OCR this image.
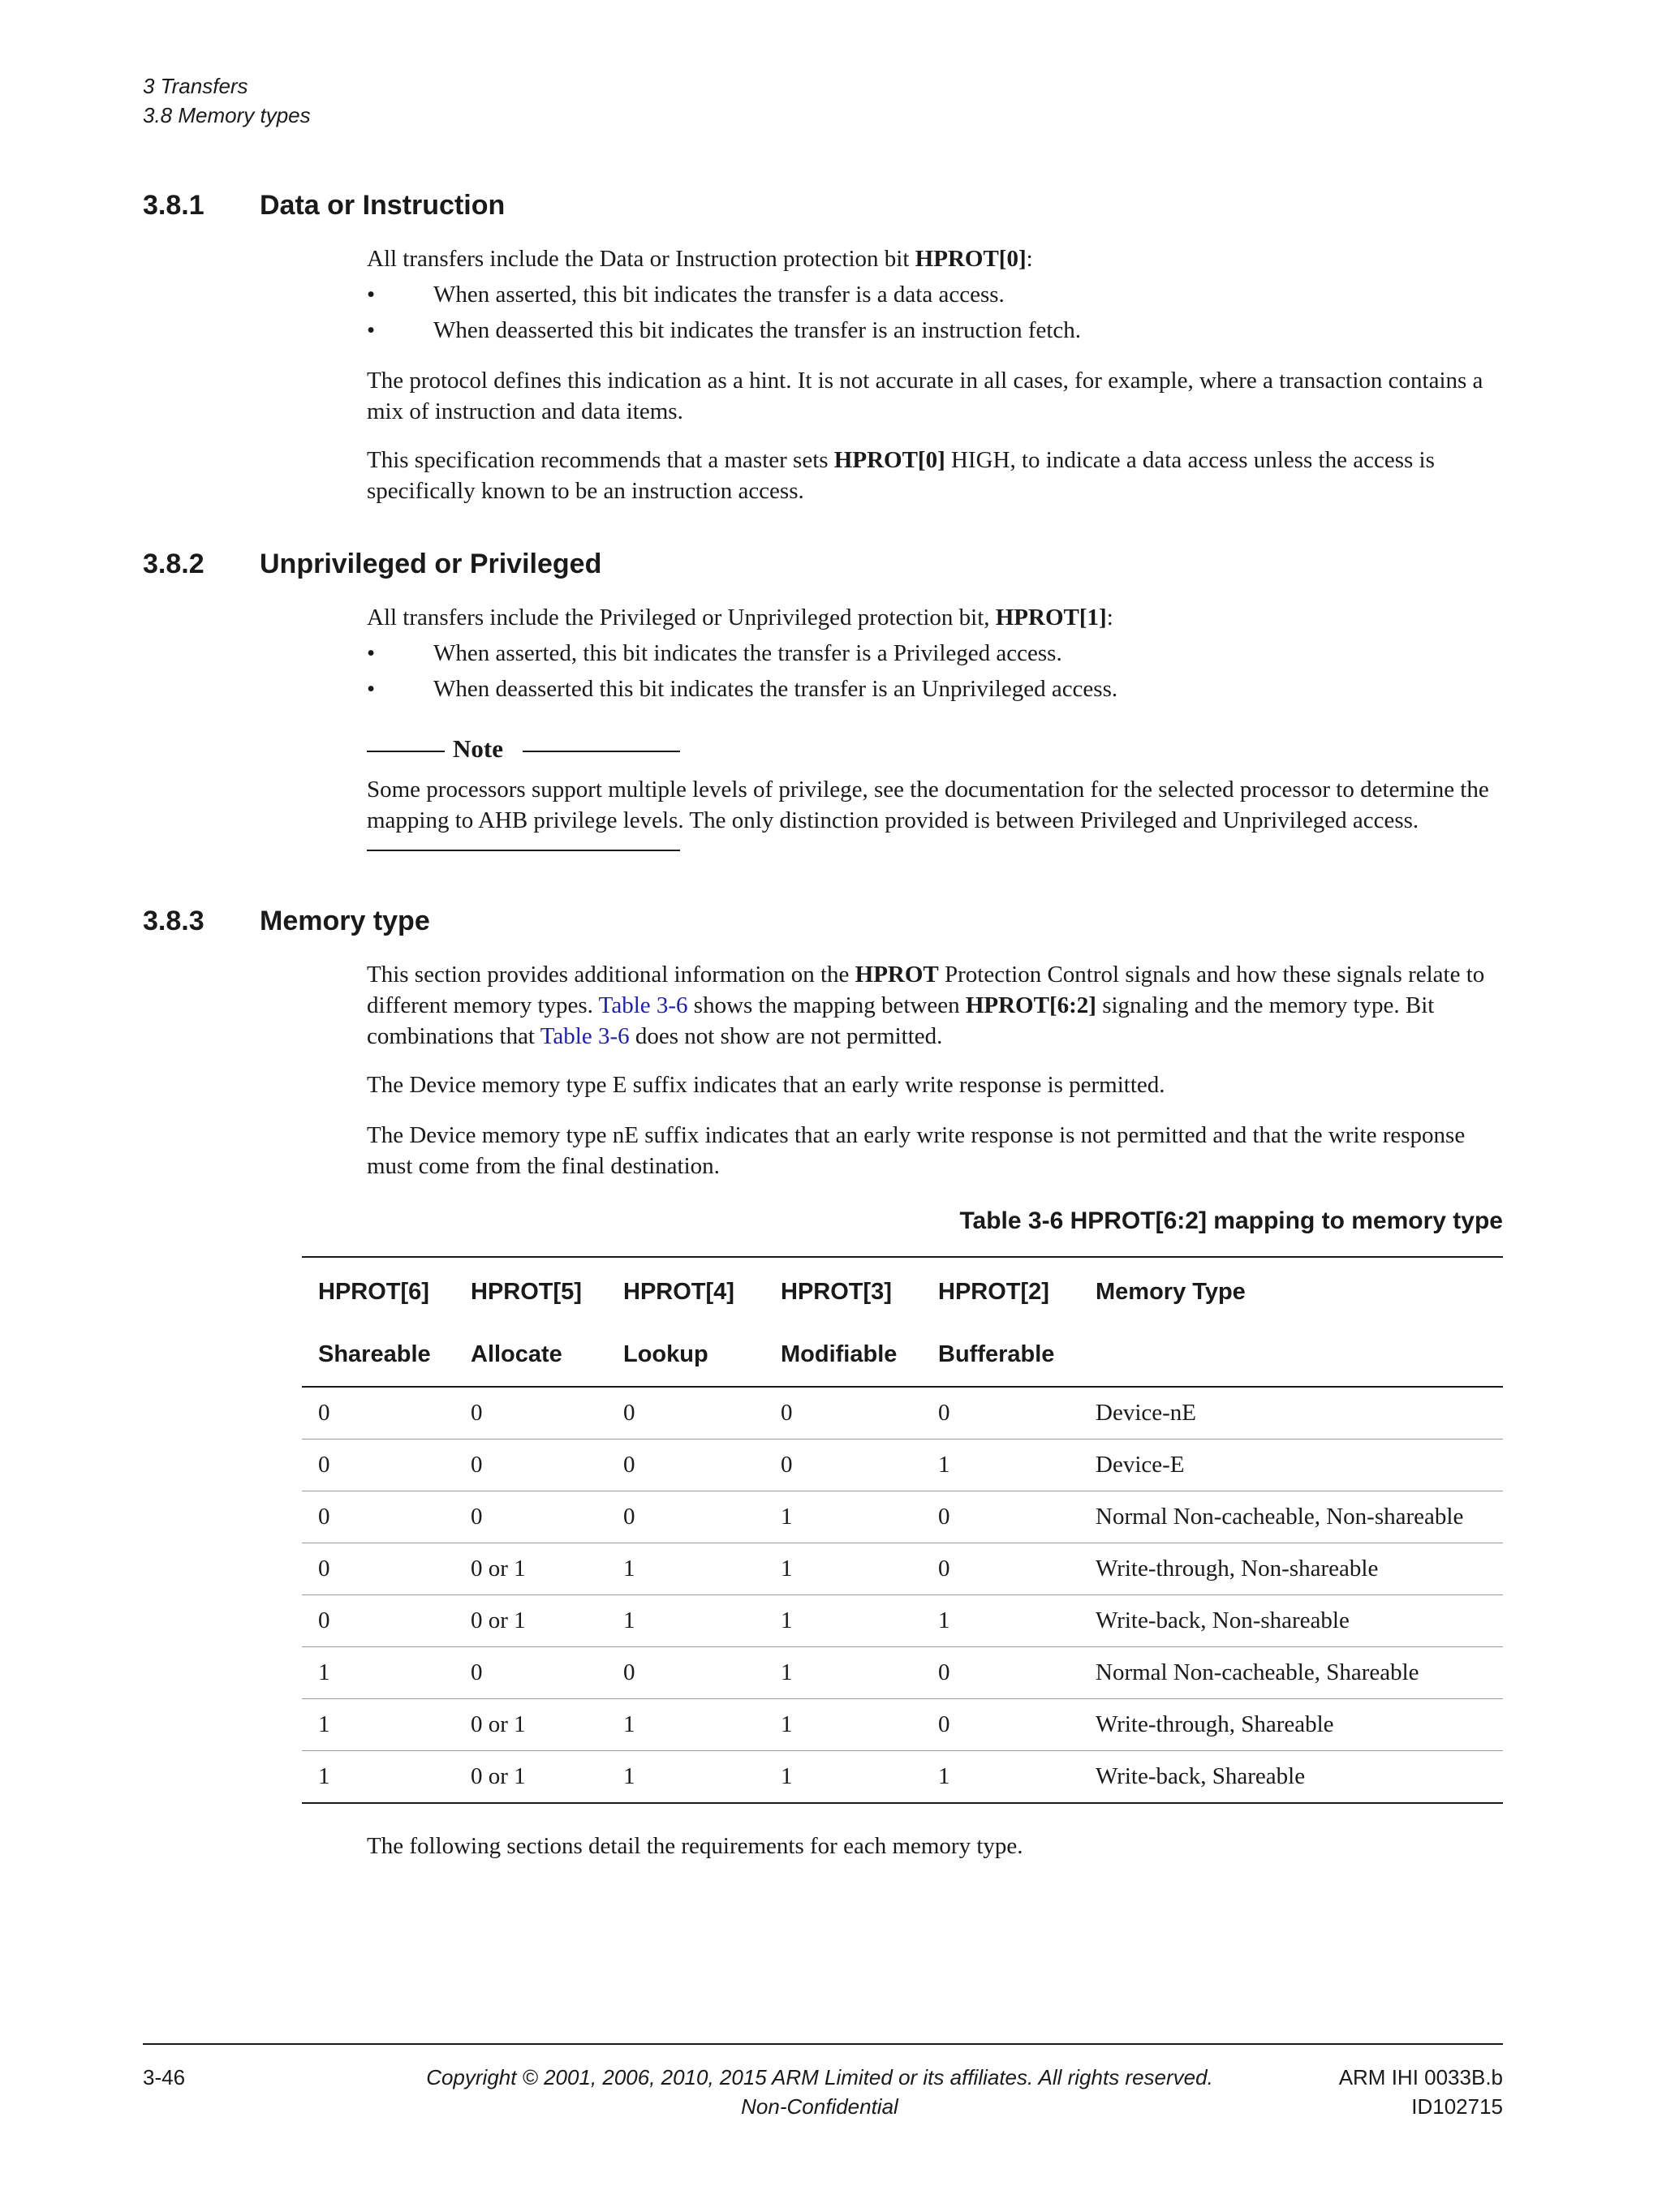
3 Transfers
3.8 Memory types
3.8.1 Data or Instruction
All transfers include the Data or Instruction protection bit HPROT[0]:
• When asserted, this bit indicates the transfer is a data access.
• When deasserted this bit indicates the transfer is an instruction fetch.
The protocol defines this indication as a hint. It is not accurate in all cases, for example, where a transaction contains a mix of instruction and data items.
This specification recommends that a master sets HPROT[0] HIGH, to indicate a data access unless the access is specifically known to be an instruction access.
3.8.2 Unprivileged or Privileged
All transfers include the Privileged or Unprivileged protection bit, HPROT[1]:
• When asserted, this bit indicates the transfer is a Privileged access.
• When deasserted this bit indicates the transfer is an Unprivileged access.
Note
Some processors support multiple levels of privilege, see the documentation for the selected processor to determine the mapping to AHB privilege levels. The only distinction provided is between Privileged and Unprivileged access.
3.8.3 Memory type
This section provides additional information on the HPROT Protection Control signals and how these signals relate to different memory types. Table 3-6 shows the mapping between HPROT[6:2] signaling and the memory type. Bit combinations that Table 3-6 does not show are not permitted.
The Device memory type E suffix indicates that an early write response is permitted.
The Device memory type nE suffix indicates that an early write response is not permitted and that the write response must come from the final destination.
Table 3-6 HPROT[6:2] mapping to memory type
HPROT[6]	HPROT[5]	HPROT[4]	HPROT[3]	HPROT[2]	Memory Type
Shareable	Allocate	Lookup	Modifiable	Bufferable	
0	0	0	0	0	Device-nE
0	0	0	0	1	Device-E
0	0	0	1	0	Normal Non-cacheable, Non-shareable
0	0 or 1	1	1	0	Write-through, Non-shareable
0	0 or 1	1	1	1	Write-back, Non-shareable
1	0	0	1	0	Normal Non-cacheable, Shareable
1	0 or 1	1	1	0	Write-through, Shareable
1	0 or 1	1	1	1	Write-back, Shareable
The following sections detail the requirements for each memory type.
3-46	Copyright © 2001, 2006, 2010, 2015 ARM Limited or its affiliates. All rights reserved.
Non-Confidential
ARM IHI 0033B.b
ID102715
